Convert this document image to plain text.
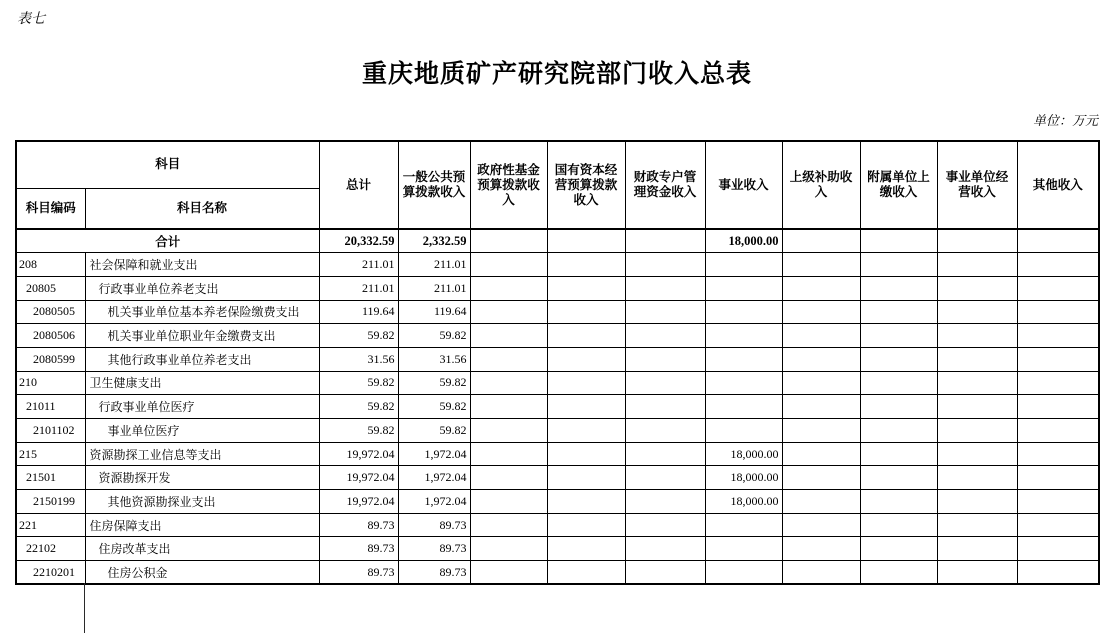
表七
重庆地质矿产研究院部门收入总表
单位：万元
科目		总计	一般公共预算拨款收入	政府性基金预算拨款收入	国有资本经营预算拨款收入	财政专户管理资金收入	事业收入	上级补助收入	附属单位上缴收入	事业单位经营收入	其他收入
科目编码	科目名称										
合计		20,332.59	2,332.59				18,000.00				
208	社会保障和就业支出	211.01	211.01								
20805	行政事业单位养老支出	211.01	211.01								
2080505	机关事业单位基本养老保险缴费支出	119.64	119.64								
2080506	机关事业单位职业年金缴费支出	59.82	59.82								
2080599	其他行政事业单位养老支出	31.56	31.56								
210	卫生健康支出	59.82	59.82								
21011	行政事业单位医疗	59.82	59.82								
2101102	事业单位医疗	59.82	59.82								
215	资源勘探工业信息等支出	19,972.04	1,972.04				18,000.00				
21501	资源勘探开发	19,972.04	1,972.04				18,000.00				
2150199	其他资源勘探业支出	19,972.04	1,972.04				18,000.00				
221	住房保障支出	89.73	89.73								
22102	住房改革支出	89.73	89.73								
2210201	住房公积金	89.73	89.73								
